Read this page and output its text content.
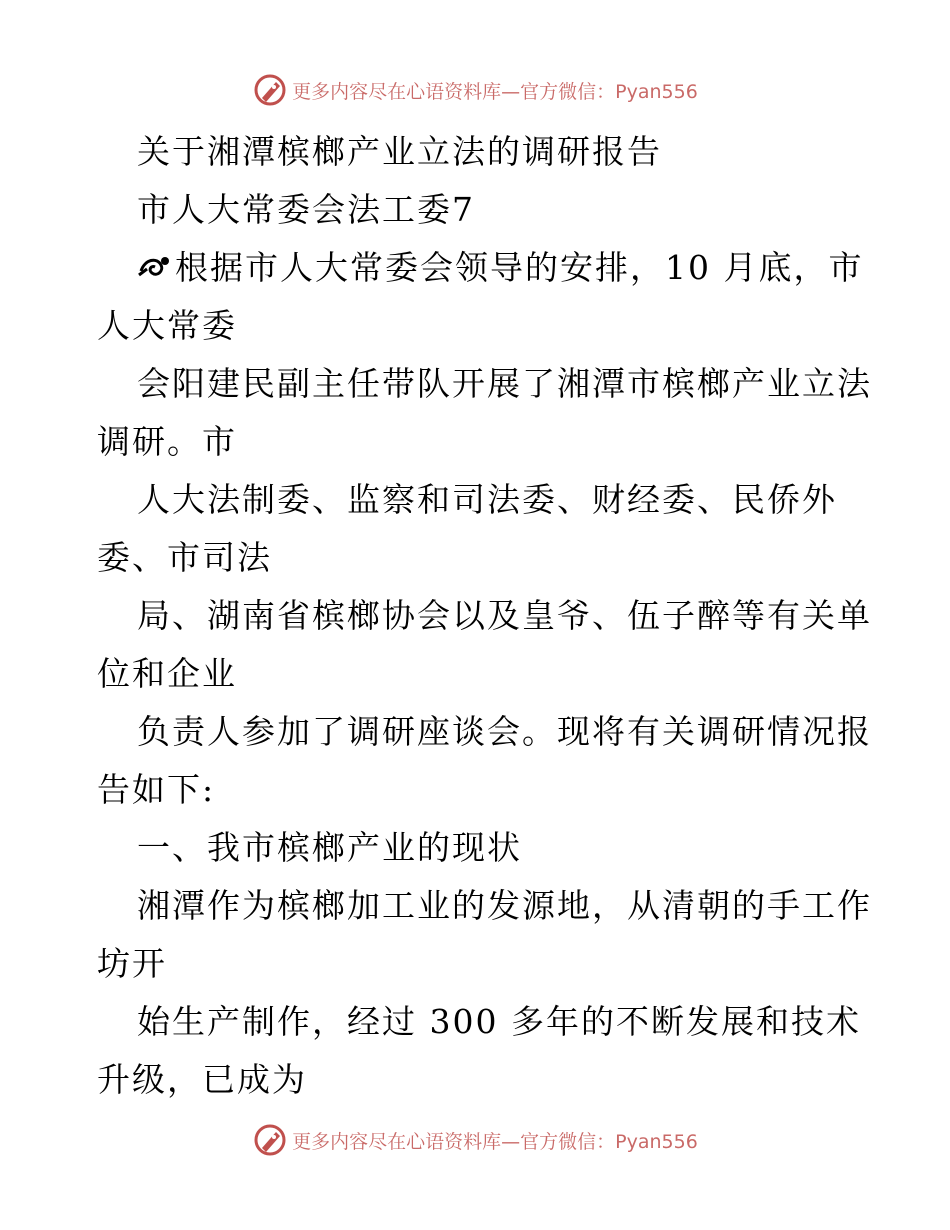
更多内容尽在心语资料库—官方微信：Pyan556
关于湘潭槟榔产业立法的调研报告
市人大常委会法工委7
根据市人大常委会领导的安排，10 月底，市
人大常委
会阳建民副主任带队开展了湘潭市槟榔产业立法
调研。市
人大法制委、监察和司法委、财经委、民侨外
委、市司法
局、湖南省槟榔协会以及皇爷、伍子醉等有关单
位和企业
负责人参加了调研座谈会。现将有关调研情况报
告如下:
一、我市槟榔产业的现状
湘潭作为槟榔加工业的发源地，从清朝的手工作
坊开
始生产制作，经过 300 多年的不断发展和技术
升级，已成为
更多内容尽在心语资料库—官方微信：Pyan556
